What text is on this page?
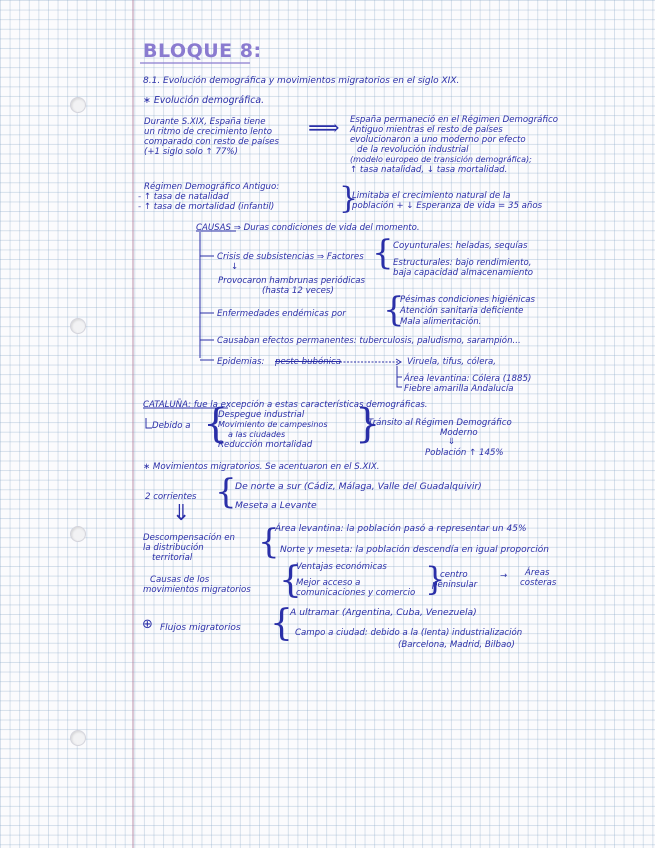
BLOQUE 8:
8.1. Evolución demográfica y movimientos migratorios en el siglo XIX.
∗ Evolución demográfica.
Durante S.XIX, España tiene
un ritmo de crecimiento lento
comparado con resto de países
(+1 siglo solo ↑ 77%)
⟹ España permaneció en el Régimen Demográfico
Antiguo mientras el resto de países
evolucionaron a uno moderno por efecto
de la revolución industrial
(modelo europeo de transición demográfica);
↑ tasa natalidad, ↓ tasa mortalidad.
Régimen Demográfico Antiguo:
- ↑ tasa de natalidad
- ↑ tasa de mortalidad (infantil) }
Limitaba el crecimiento natural de la
población + ↓ Esperanza de vida = 35 años
CAUSAS ⇒ Duras condiciones de vida del momento.
Crisis de subsistencias ⇒ Factores { Coyunturales: heladas, sequías
Estructurales: bajo rendimiento,
baja capacidad almacenamiento
↓
Provocaron hambrunas periódicas
(hasta 12 veces)
Enfermedades endémicas por {
Pésimas condiciones higiénicas
Atención sanitaria deficiente
Mala alimentación.
Causaban efectos permanentes: tuberculosis, paludismo, sarampión...
Epidemias: peste bubónica	Viruela, tifus, cólera,
Área levantina: Cólera (1885)
Fiebre amarilla Andalucía
CATALUÑA: fue la excepción a estas características demográficas.
Debido a {
Despegue industrial
Movimiento de campesinos
a las ciudades
Reducción mortalidad }
Tránsito al Régimen Demográfico
Moderno
⇓
Población ↑ 145%
∗ Movimientos migratorios. Se acentuaron en el S.XIX.
2 corrientes {
De norte a sur (Cádiz, Málaga, Valle del Guadalquivir)
Meseta a Levante
⇓
Descompensación en
la distribución
territorial {
Área levantina: la población pasó a representar un 45%
Norte y meseta: la población descendía en igual proporción
Causas de los
movimientos migratorios {
Ventajas económicas
Mejor acceso a
comunicaciones y comercio }
centro
peninsular
→ Áreas
costeras
⊕ Flujos migratorios {
A ultramar (Argentina, Cuba, Venezuela)
Campo a ciudad: debido a la (lenta) industrialización
(Barcelona, Madrid, Bilbao)
